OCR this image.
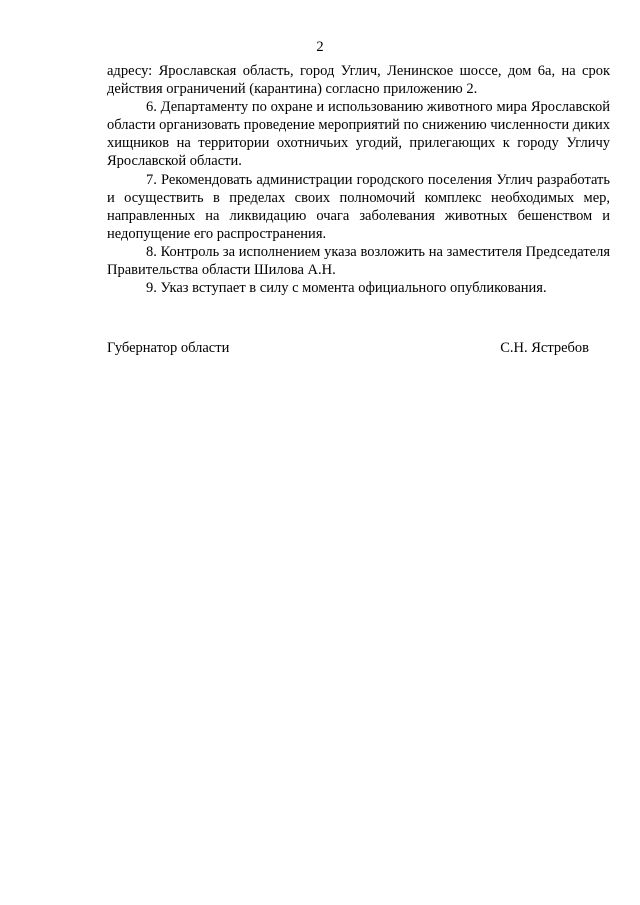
2

адресу: Ярославская область, город Углич, Ленинское шоссе, дом 6а, на срок действия ограничений (карантина) согласно приложению 2.

6. Департаменту по охране и использованию животного мира Ярославской области организовать проведение мероприятий по снижению численности диких хищников на территории охотничьих угодий, прилегающих к городу Угличу Ярославской области.

7. Рекомендовать администрации городского поселения Углич разработать и осуществить в пределах своих полномочий комплекс необходимых мер, направленных на ликвидацию очага заболевания животных бешенством и недопущение его распространения.

8. Контроль за исполнением указа возложить на заместителя Председателя Правительства области Шилова А.Н.

9. Указ вступает в силу с момента официального опубликования.

Губернатор области	С.Н. Ястребов
